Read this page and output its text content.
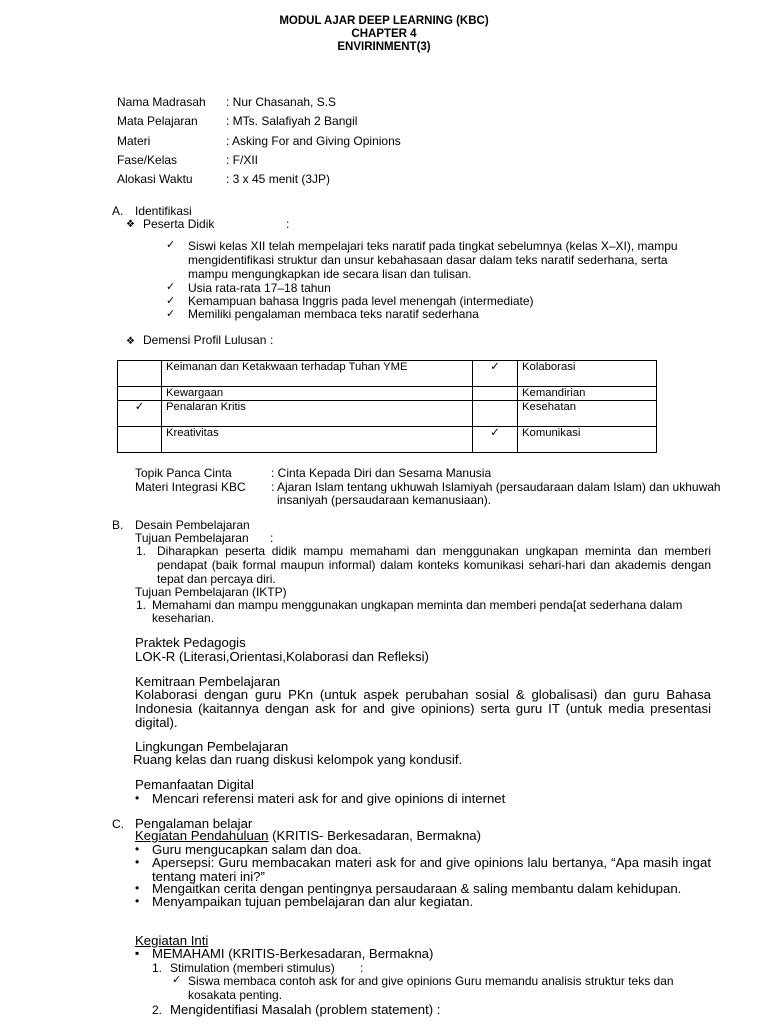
MODUL AJAR DEEP LEARNING (KBC)
CHAPTER 4
ENVIRINMENT(3)
Nama Madrasah : Nur Chasanah, S.S
Mata Pelajaran : MTs. Salafiyah 2 Bangil
Materi	: Asking For and Giving Opinions
Fase/Kelas	: F/XII
Alokasi Waktu	: 3 x 45 menit (3JP)
A. Identifikasi
❖ Peserta Didik	:
✓ Siswi kelas XII telah mempelajari teks naratif pada tingkat sebelumnya (kelas X–XI), mampu mengidentifikasi struktur dan unsur kebahasaan dasar dalam teks naratif sederhana, serta mampu mengungkapkan ide secara lisan dan tulisan.
✓ Usia rata-rata 17–18 tahun
✓ Kemampuan bahasa Inggris pada level menengah (intermediate)
✓ Memiliki pengalaman membaca teks naratif sederhana
❖ Demensi Profil Lulusan :
	Keimanan dan Ketakwaan terhadap Tuhan YME	✓	Kolaborasi
	Kewargaan		Kemandirian
✓	Penalaran Kritis		Kesehatan
	Kreativitas	✓	Komunikasi
Topik Panca Cinta	: Cinta Kepada Diri dan Sesama Manusia
Materi Integrasi KBC : Ajaran Islam tentang ukhuwah Islamiyah (persaudaraan dalam Islam) dan ukhuwah
insaniyah (persaudaraan kemanusiaan).
B. Desain Pembelajaran
Tujuan Pembelajaran :
1. Diharapkan peserta didik mampu memahami dan menggunakan ungkapan meminta dan memberi pendapat (baik formal maupun informal) dalam konteks komunikasi sehari-hari dan akademis dengan tepat dan percaya diri.
Tujuan Pembelajaran (IKTP)
1. Memahami dan mampu menggunakan ungkapan meminta dan memberi penda[at sederhana dalam
keseharian.
Praktek Pedagogis
LOK-R (Literasi,Orientasi,Kolaborasi dan Refleksi)
Kemitraan Pembelajaran
Kolaborasi dengan guru PKn (untuk aspek perubahan sosial & globalisasi) dan guru Bahasa Indonesia (kaitannya dengan ask for and give opinions) serta guru IT (untuk media presentasi digital).
Lingkungan Pembelajaran
Ruang kelas dan ruang diskusi kelompok yang kondusif.
Pemanfaatan Digital
• Mencari referensi materi ask for and give opinions di internet
C. Pengalaman belajar
Kegiatan Pendahuluan (KRITIS- Berkesadaran, Bermakna)
• Guru mengucapkan salam dan doa.
• Apersepsi: Guru membacakan materi ask for and give opinions lalu bertanya, “Apa masih ingat tentang materi ini?”
• Mengaitkan cerita dengan pentingnya persaudaraan & saling membantu dalam kehidupan.
• Menyampaikan tujuan pembelajaran dan alur kegiatan.
Kegiatan Inti
▪ MEMAHAMI (KRITIS-Berkesadaran, Bermakna)
1. Stimulation (memberi stimulus) :
✓ Siswa membaca contoh ask for and give opinions Guru memandu analisis struktur teks dan
kosakata penting.
2. Mengidentifiasi Masalah (problem statement) :
